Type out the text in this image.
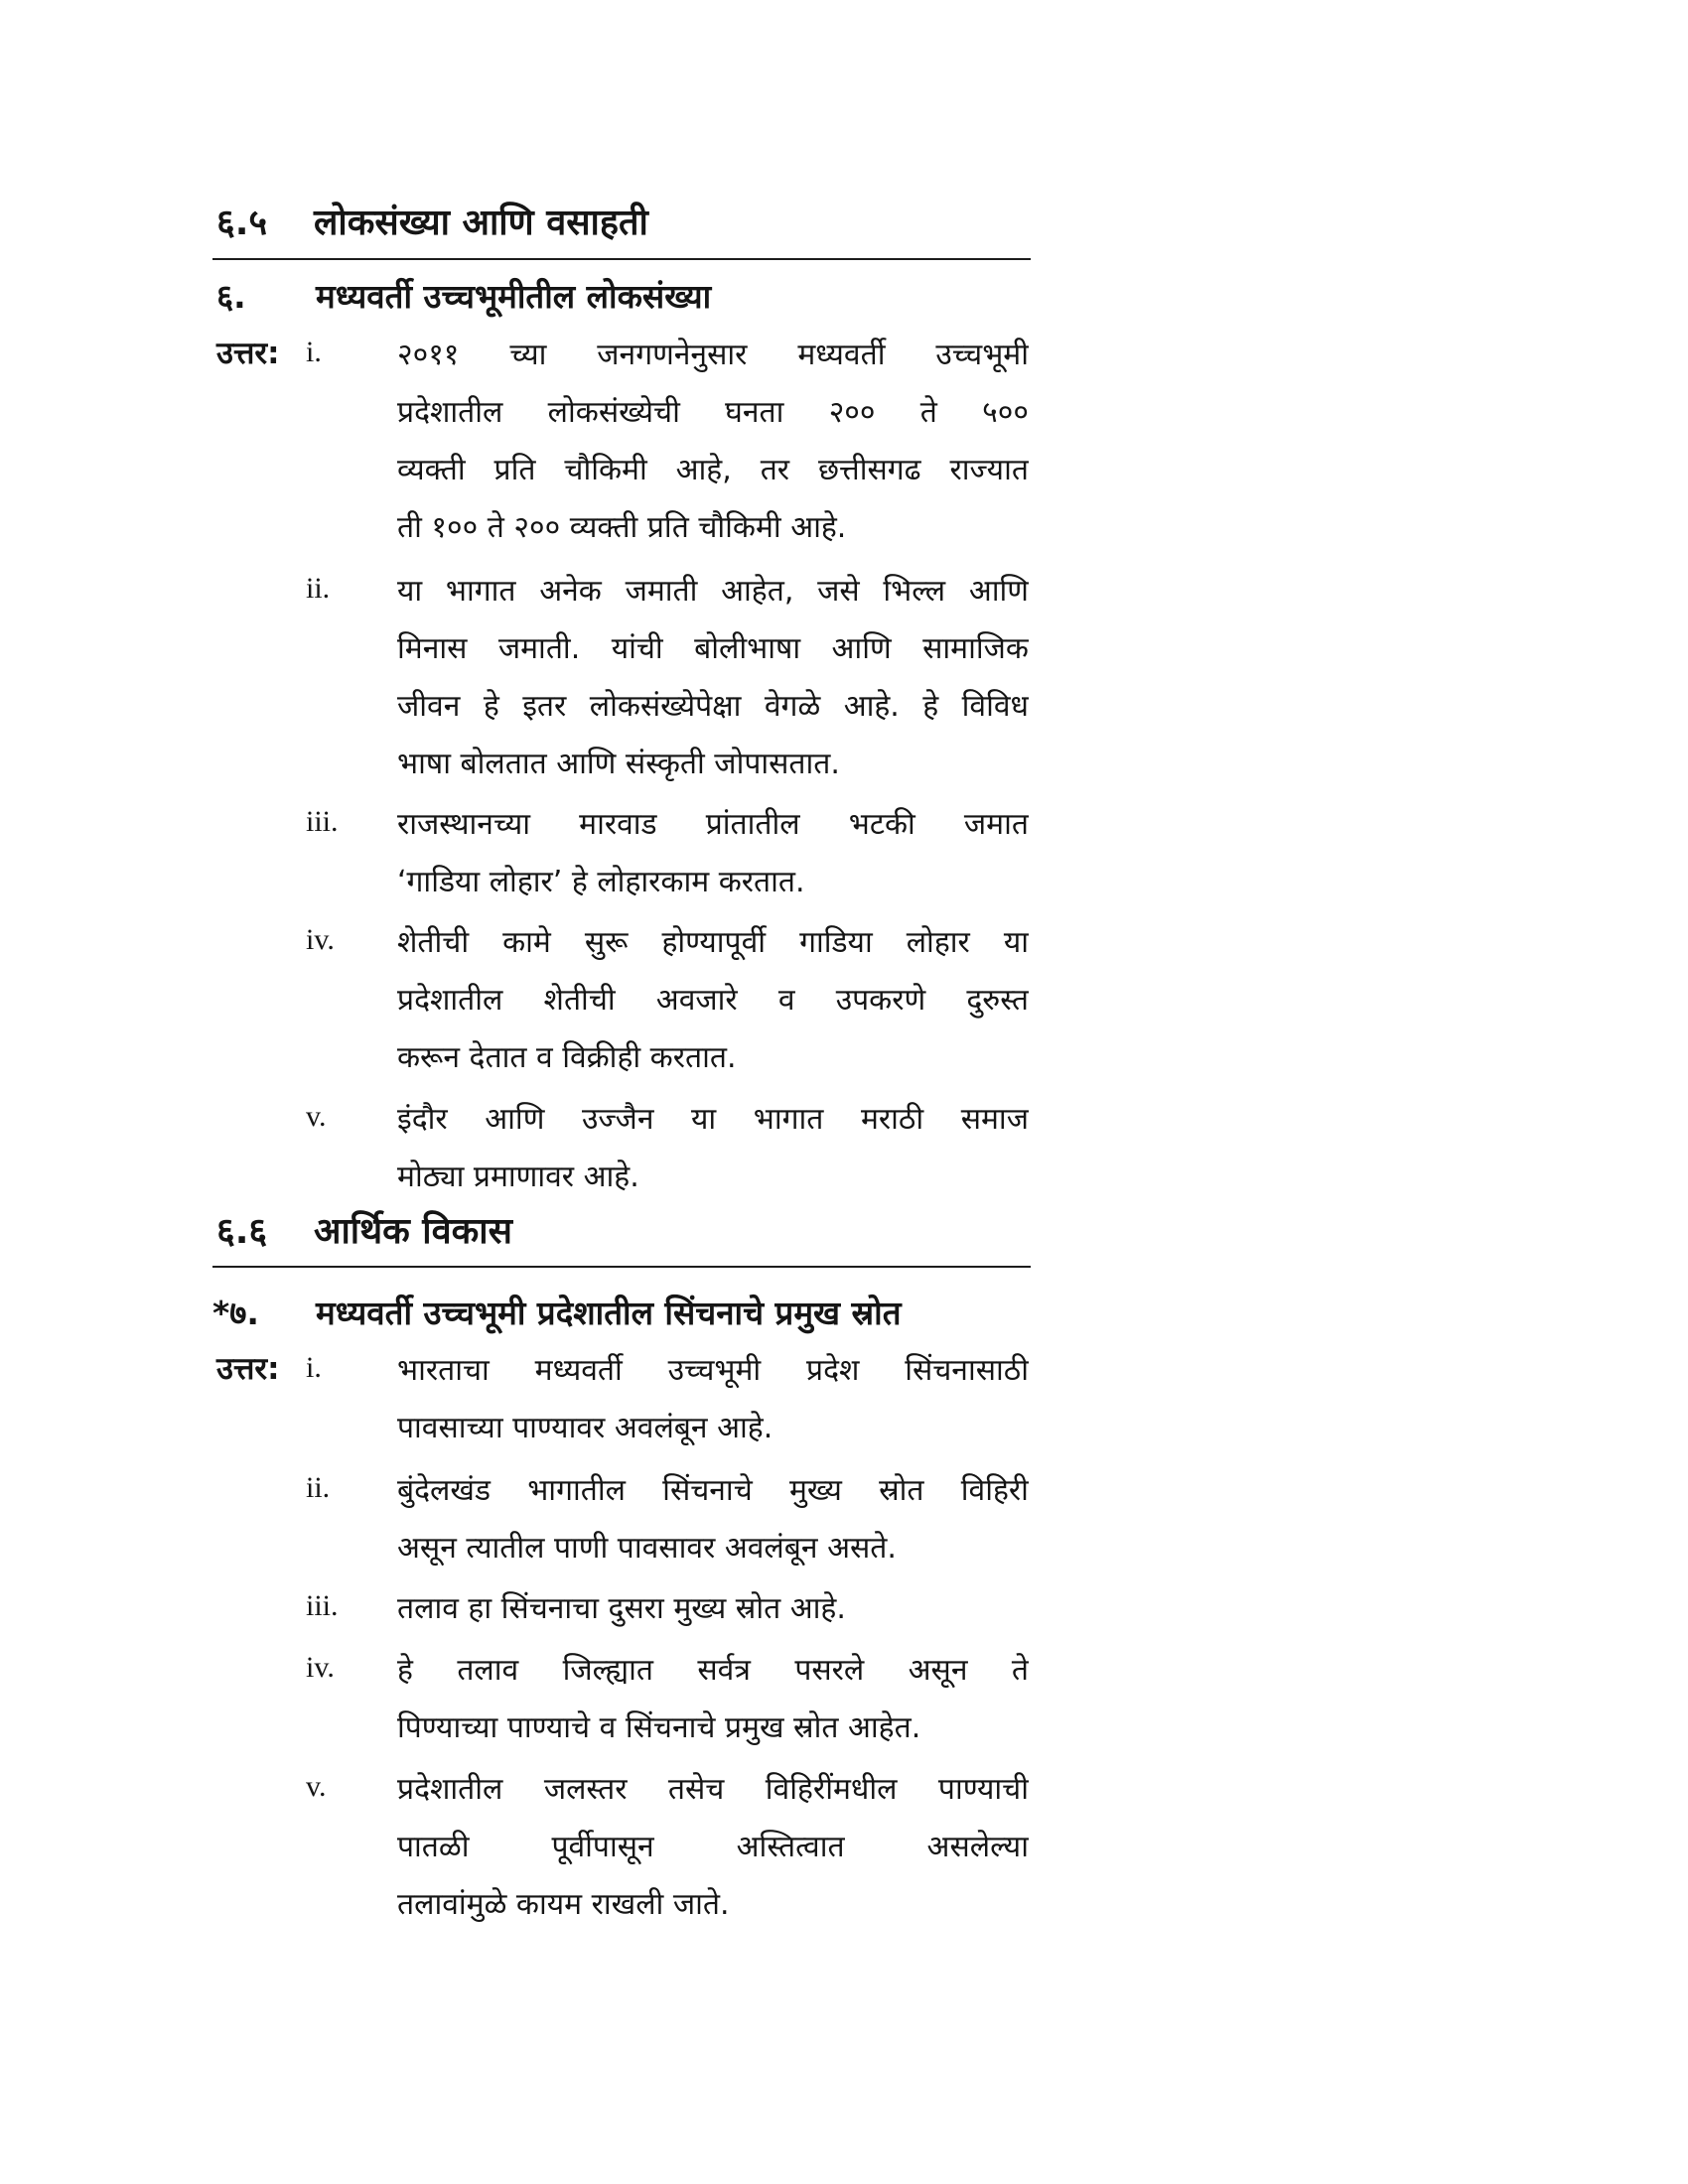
६.५	लोकसंख्या आणि वसाहती
६.	मध्यवर्ती उच्चभूमीतील लोकसंख्या
उत्तर: i.	२०११ च्या जनगणनेनुसार मध्यवर्ती उच्चभूमी
प्रदेशातील लोकसंख्येची घनता २०० ते ५००
व्यक्ती प्रति चौकिमी आहे, तर छत्तीसगढ राज्यात
ती १०० ते २०० व्यक्ती प्रति चौकिमी आहे.
ii.	या भागात अनेक जमाती आहेत, जसे भिल्ल आणि
मिनास जमाती. यांची बोलीभाषा आणि सामाजिक
जीवन हे इतर लोकसंख्येपेक्षा वेगळे आहे. हे विविध
भाषा बोलतात आणि संस्कृती जोपासतात.
iii.	राजस्थानच्या मारवाड प्रांतातील भटकी जमात
‘गाडिया लोहार’ हे लोहारकाम करतात.
iv.	शेतीची कामे सुरू होण्यापूर्वी गाडिया लोहार या
प्रदेशातील शेतीची अवजारे व उपकरणे दुरुस्त
करून देतात व विक्रीही करतात.
v.	इंदौर आणि उज्जैन या भागात मराठी समाज
मोठ्या प्रमाणावर आहे.
६.६	आर्थिक विकास
*७.	मध्यवर्ती उच्चभूमी प्रदेशातील सिंचनाचे प्रमुख स्रोत
उत्तर: i.	भारताचा मध्यवर्ती उच्चभूमी प्रदेश सिंचनासाठी
पावसाच्या पाण्यावर अवलंबून आहे.
ii.	बुंदेलखंड भागातील सिंचनाचे मुख्य स्रोत विहिरी
असून त्यातील पाणी पावसावर अवलंबून असते.
iii.	तलाव हा सिंचनाचा दुसरा मुख्य स्रोत आहे.
iv.	हे तलाव जिल्ह्यात सर्वत्र पसरले असून ते
पिण्याच्या पाण्याचे व सिंचनाचे प्रमुख स्रोत आहेत.
v.	प्रदेशातील जलस्तर तसेच विहिरींमधील पाण्याची
पातळी	पूर्वीपासून	अस्तित्वात	असलेल्या
तलावांमुळे कायम राखली जाते.
